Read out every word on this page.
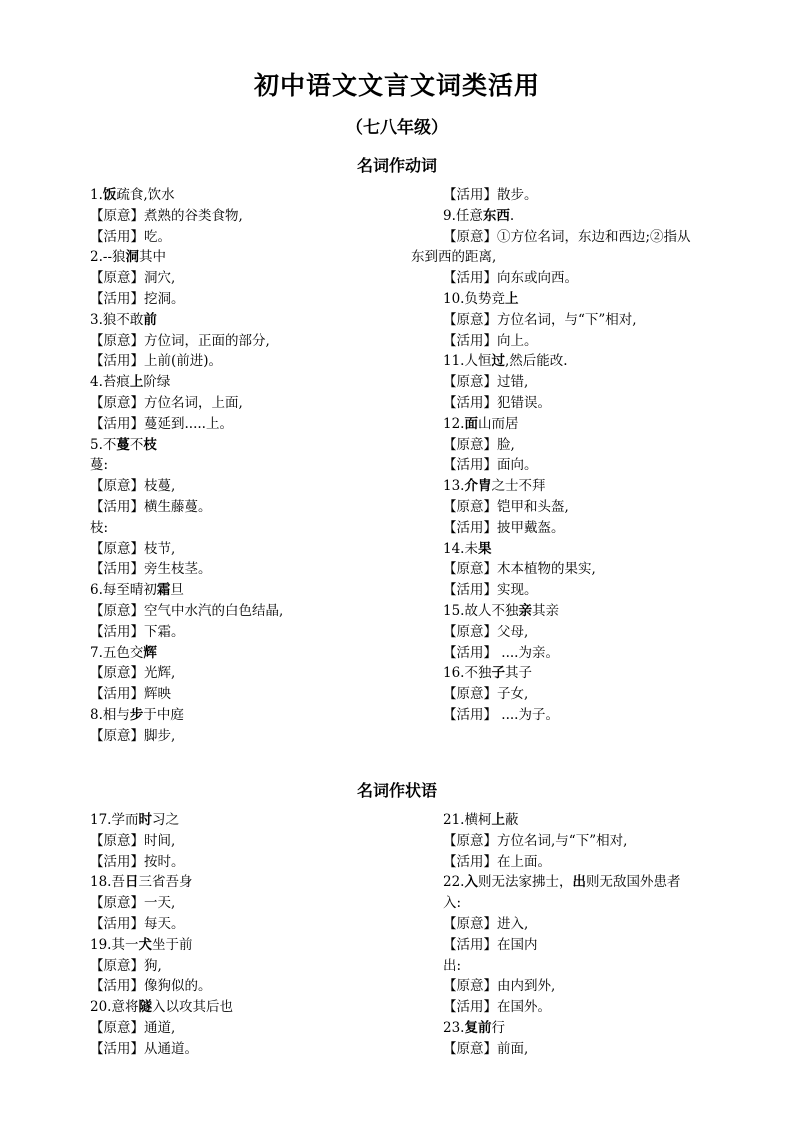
初中语文文言文词类活用
（七八年级）
名词作动词
1.饭疏食,饮水
【原意】煮熟的谷类食物,
【活用】吃。
2.--狼洞其中
【原意】洞穴,
【活用】挖洞。
3.狼不敢前
【原意】方位词，正面的部分,
【活用】上前(前进)。
4.苔痕上阶绿
【原意】方位名词，上面,
【活用】蔓延到.....上。
5.不蔓不枝
蔓:
【原意】枝蔓,
【活用】横生藤蔓。
枝:
【原意】枝节,
【活用】旁生枝茎。
6.每至晴初霜旦
【原意】空气中水汽的白色结晶,
【活用】下霜。
7.五色交辉
【原意】光辉,
【活用】辉映
8.相与步于中庭
【原意】脚步,
【活用】散步。
9.任意东西.
【原意】①方位名词，东边和西边;②指从
东到西的距离,
【活用】向东或向西。
10.负势竞上
【原意】方位名词，与“下”相对,
【活用】向上。
11.人恒过,然后能改.
【原意】过错,
【活用】犯错误。
12.面山而居
【原意】脸,
【活用】面向。
13.介胄之士不拜
【原意】铠甲和头盔,
【活用】披甲戴盔。
14.未果
【原意】木本植物的果实,
【活用】实现。
15.故人不独亲其亲
【原意】父母,
【活用】 ....为亲。
16.不独子其子
【原意】子女,
【活用】 ....为子。
名词作状语
17.学而时习之
【原意】时间,
【活用】按时。
18.吾日三省吾身
【原意】一天,
【活用】每天。
19.其一犬坐于前
【原意】狗,
【活用】像狗似的。
20.意将隧入以攻其后也
【原意】通道,
【活用】从通道。
21.横柯上蔽
【原意】方位名词,与“下”相对,
【活用】在上面。
22.入则无法家拂士，出则无敌国外患者
入:
【原意】进入,
【活用】在国内
出:
【原意】由内到外,
【活用】在国外。
23.复前行
【原意】前面,
